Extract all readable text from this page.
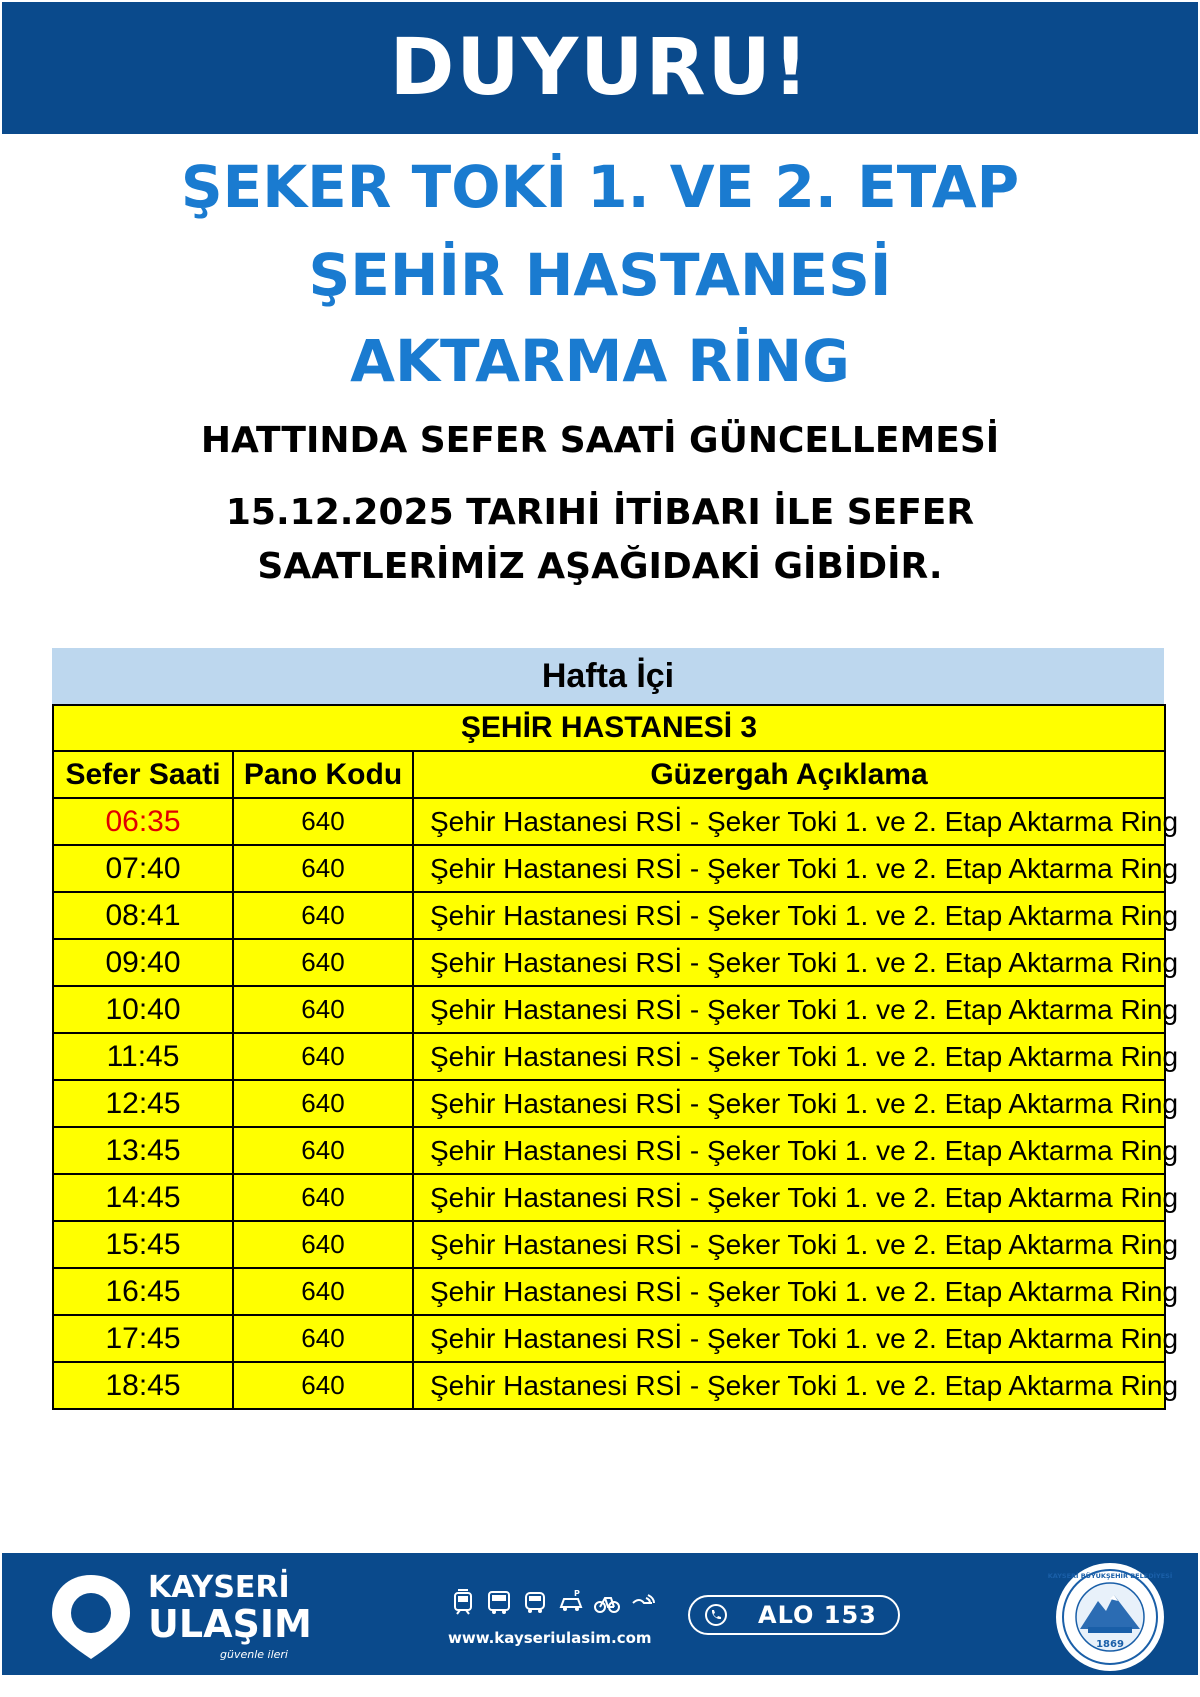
DUYURU!
ŞEKER TOKİ 1. VE 2. ETAP
ŞEHİR HASTANESİ
AKTARMA RİNG
HATTINDA SEFER SAATİ GÜNCELLEMESİ
15.12.2025 TARIHİ İTİBARI İLE SEFER
SAATLERİMİZ AŞAĞIDAKİ GİBİDİR.
Hafta İçi
ŞEHİR HASTANESİ 3		
Sefer Saati	Pano Kodu	Güzergah Açıklama
06:35	640	Şehir Hastanesi RSİ - Şeker Toki 1. ve 2. Etap Aktarma Ring
07:40	640	Şehir Hastanesi RSİ - Şeker Toki 1. ve 2. Etap Aktarma Ring
08:41	640	Şehir Hastanesi RSİ - Şeker Toki 1. ve 2. Etap Aktarma Ring
09:40	640	Şehir Hastanesi RSİ - Şeker Toki 1. ve 2. Etap Aktarma Ring
10:40	640	Şehir Hastanesi RSİ - Şeker Toki 1. ve 2. Etap Aktarma Ring
11:45	640	Şehir Hastanesi RSİ - Şeker Toki 1. ve 2. Etap Aktarma Ring
12:45	640	Şehir Hastanesi RSİ - Şeker Toki 1. ve 2. Etap Aktarma Ring
13:45	640	Şehir Hastanesi RSİ - Şeker Toki 1. ve 2. Etap Aktarma Ring
14:45	640	Şehir Hastanesi RSİ - Şeker Toki 1. ve 2. Etap Aktarma Ring
15:45	640	Şehir Hastanesi RSİ - Şeker Toki 1. ve 2. Etap Aktarma Ring
16:45	640	Şehir Hastanesi RSİ - Şeker Toki 1. ve 2. Etap Aktarma Ring
17:45	640	Şehir Hastanesi RSİ - Şeker Toki 1. ve 2. Etap Aktarma Ring
18:45	640	Şehir Hastanesi RSİ - Şeker Toki 1. ve 2. Etap Aktarma Ring
KAYSERİ
ULAŞIM
güvenle ileri
P
www.kayseriulasim.com
ALO 153
1869
KAYSERİ BÜYÜKŞEHİR BELEDİYESİ
